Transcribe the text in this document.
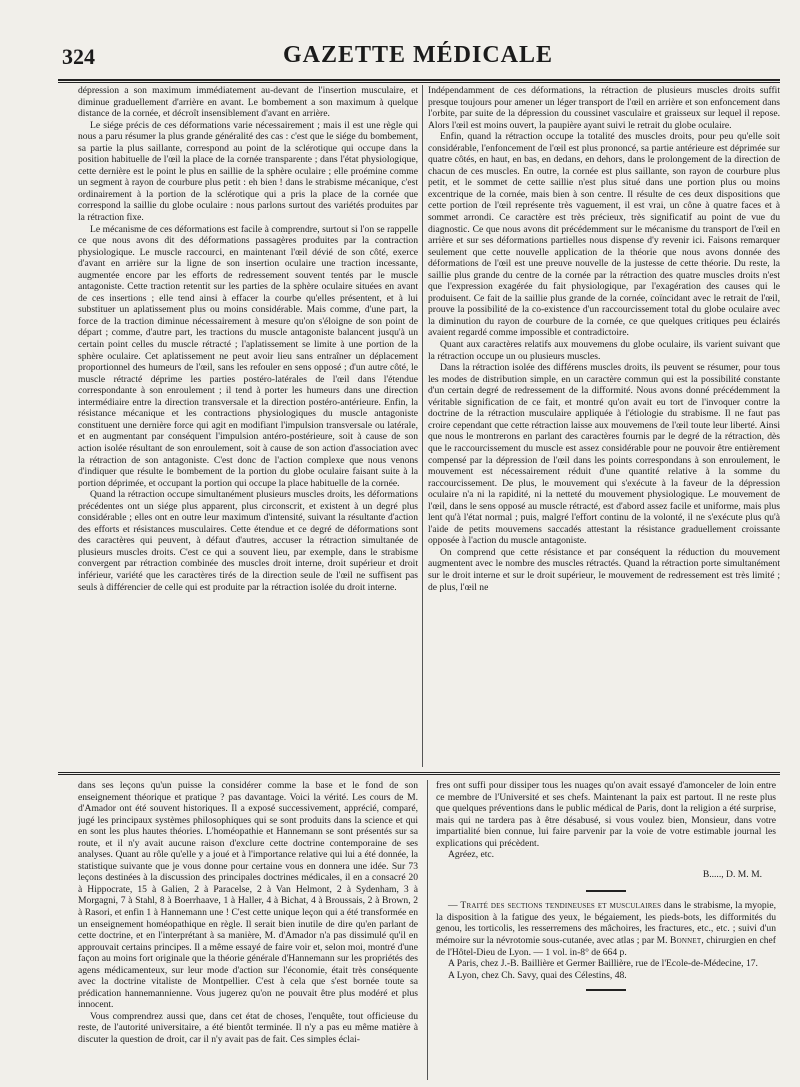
324	GAZETTE MÉDICALE

dépression a son maximum immédiatement au-devant de l'insertion musculaire, et diminue graduellement d'arrière en avant. Le bombement a son maximum à quelque distance de la cornée, et décroît insensiblement d'avant en arrière.

Le siége précis de ces déformations varie nécessairement ; mais il est une règle qui nous a paru résumer la plus grande généralité des cas : c'est que le siége du bombement, sa partie la plus saillante, correspond au point de la sclérotique qui occupe dans la position habituelle de l'œil la place de la cornée transparente ; dans l'état physiologique, cette dernière est le point le plus en saillie de la sphère oculaire ; elle proémine comme un segment à rayon de courbure plus petit : eh bien ! dans le strabisme mécanique, c'est ordinairement à la portion de la sclérotique qui a pris la place de la cornée que correspond la saillie du globe oculaire : nous parlons surtout des variétés produites par la rétraction fixe.

Le mécanisme de ces déformations est facile à comprendre, surtout si l'on se rappelle ce que nous avons dit des déformations passagères produites par la contraction physiologique. Le muscle raccourci, en maintenant l'œil dévié de son côté, exerce d'avant en arrière sur la ligne de son insertion oculaire une traction incessante, augmentée encore par les efforts de redressement souvent tentés par le muscle antagoniste. Cette traction retentit sur les parties de la sphère oculaire situées en avant de ces insertions ; elle tend ainsi à effacer la courbe qu'elles présentent, et à lui substituer un aplatissement plus ou moins considérable. Mais comme, d'une part, la force de la traction diminue nécessairement à mesure qu'on s'éloigne de son point de départ ; comme, d'autre part, les tractions du muscle antagoniste balancent jusqu'à un certain point celles du muscle rétracté ; l'aplatissement se limite à une portion de la sphère oculaire. Cet aplatissement ne peut avoir lieu sans entraîner un déplacement proportionnel des humeurs de l'œil, sans les refouler en sens opposé ; d'un autre côté, le muscle rétracté déprime les parties postéro-latérales de l'œil dans l'étendue correspondante à son enroulement ; il tend à porter les humeurs dans une direction intermédiaire entre la direction transversale et la direction postéro-antérieure. Enfin, la résistance mécanique et les contractions physiologiques du muscle antagoniste constituent une dernière force qui agit en modifiant l'impulsion transversale ou latérale, et en augmentant par conséquent l'impulsion antéro-postérieure, soit à cause de son action isolée résultant de son enroulement, soit à cause de son action d'association avec la rétraction de son antagoniste. C'est donc de l'action complexe que nous venons d'indiquer que résulte le bombement de la portion du globe oculaire faisant suite à la portion déprimée, et occupant la portion qui occupe la place habituelle de la cornée.

Quand la rétraction occupe simultanément plusieurs muscles droits, les déformations précédentes ont un siége plus apparent, plus circonscrit, et existent à un degré plus considérable ; elles ont en outre leur maximum d'intensité, suivant la résultante d'action des efforts et résistances musculaires. Cette étendue et ce degré de déformations sont des caractères qui peuvent, à défaut d'autres, accuser la rétraction simultanée de plusieurs muscles droits. C'est ce qui a souvent lieu, par exemple, dans le strabisme convergent par rétraction combinée des muscles droit interne, droit supérieur et droit inférieur, variété que les caractères tirés de la direction seule de l'œil ne suffisent pas seuls à différencier de celle qui est produite par la rétraction isolée du droit interne.

Indépendamment de ces déformations, la rétraction de plusieurs muscles droits suffit presque toujours pour amener un léger transport de l'œil en arrière et son enfoncement dans l'orbite, par suite de la dépression du coussinet vasculaire et graisseux sur lequel il repose. Alors l'œil est moins ouvert, la paupière ayant suivi le retrait du globe oculaire.

Enfin, quand la rétraction occupe la totalité des muscles droits, pour peu qu'elle soit considérable, l'enfoncement de l'œil est plus prononcé, sa partie antérieure est déprimée sur quatre côtés, en haut, en bas, en dedans, en dehors, dans le prolongement de la direction de chacun de ces muscles. En outre, la cornée est plus saillante, son rayon de courbure plus petit, et le sommet de cette saillie n'est plus situé dans une portion plus ou moins excentrique de la cornée, mais bien à son centre. Il résulte de ces deux dispositions que cette portion de l'œil représente très vaguement, il est vrai, un cône à quatre faces et à sommet arrondi. Ce caractère est très précieux, très significatif au point de vue du diagnostic. Ce que nous avons dit précédemment sur le mécanisme du transport de l'œil en arrière et sur ses déformations partielles nous dispense d'y revenir ici. Faisons remarquer seulement que cette nouvelle application de la théorie que nous avons donnée des déformations de l'œil est une preuve nouvelle de la justesse de cette théorie. Du reste, la saillie plus grande du centre de la cornée par la rétraction des quatre muscles droits n'est que l'expression exagérée du fait physiologique, par l'exagération des causes qui le produisent. Ce fait de la saillie plus grande de la cornée, coïncidant avec le retrait de l'œil, prouve la possibilité de la co-existence d'un raccourcissement total du globe oculaire avec la diminution du rayon de courbure de la cornée, ce que quelques critiques peu éclairés avaient regardé comme impossible et contradictoire.

Quant aux caractères relatifs aux mouvemens du globe oculaire, ils varient suivant que la rétraction occupe un ou plusieurs muscles.

Dans la rétraction isolée des différens muscles droits, ils peuvent se résumer, pour tous les modes de distribution simple, en un caractère commun qui est la possibilité constante d'un certain degré de redressement de la difformité. Nous avons donné précédemment la véritable signification de ce fait, et montré qu'on avait eu tort de l'invoquer contre la doctrine de la rétraction musculaire appliquée à l'étiologie du strabisme. Il ne faut pas croire cependant que cette rétraction laisse aux mouvemens de l'œil toute leur liberté. Ainsi que nous le montrerons en parlant des caractères fournis par le degré de la rétraction, dès que le raccourcissement du muscle est assez considérable pour ne pouvoir être entièrement compensé par la dépression de l'œil dans les points correspondans à son enroulement, le mouvement est nécessairement réduit d'une quantité relative à la somme du raccourcissement. De plus, le mouvement qui s'exécute à la faveur de la dépression oculaire n'a ni la rapidité, ni la netteté du mouvement physiologique. Le mouvement de l'œil, dans le sens opposé au muscle rétracté, est d'abord assez facile et uniforme, mais plus lent qu'à l'état normal ; puis, malgré l'effort continu de la volonté, il ne s'exécute plus qu'à l'aide de petits mouvemens saccadés attestant la résistance graduellement croissante opposée à l'action du muscle antagoniste.

On comprend que cette résistance et par conséquent la réduction du mouvement augmentent avec le nombre des muscles rétractés. Quand la rétraction porte simultanément sur le droit interne et sur le droit supérieur, le mouvement de redressement est très limité ; de plus, l'œil ne

dans ses leçons qu'un puisse la considérer comme la base et le fond de son enseignement théorique et pratique ? pas davantage. Voici la vérité. Les cours de M. d'Amador ont été souvent historiques. Il a exposé successivement, apprécié, comparé, jugé les principaux systèmes philosophiques qui se sont produits dans la science et qui en sont les plus hautes théories. L'homéopathie et Hannemann se sont présentés sur sa route, et il n'y avait aucune raison d'exclure cette doctrine contemporaine de ses analyses. Quant au rôle qu'elle y a joué et à l'importance relative qui lui a été donnée, la statistique suivante que je vous donne pour certaine vous en donnera une idée. Sur 73 leçons destinées à la discussion des principales doctrines médicales, il en a consacré 20 à Hippocrate, 15 à Galien, 2 à Paracelse, 2 à Van Helmont, 2 à Sydenham, 3 à Morgagni, 7 à Stahl, 8 à Boerrhaave, 1 à Haller, 4 à Bichat, 4 à Broussais, 2 à Brown, 2 à Rasori, et enfin 1 à Hannemann une ! C'est cette unique leçon qui a été transformée en un enseignement homéopathique en règle. Il serait bien inutile de dire qu'en parlant de cette doctrine, et en l'interprétant à sa manière, M. d'Amador n'a pas dissimulé qu'il en approuvait certains principes. Il a même essayé de faire voir et, selon moi, montré d'une façon au moins fort originale que la théorie générale d'Hannemann sur les propriétés des agens médicamenteux, sur leur mode d'action sur l'économie, était très conséquente avec la doctrine vitaliste de Montpellier. C'est à cela que s'est bornée toute sa prédication hannemannienne. Vous jugerez qu'on ne pouvait être plus modéré et plus innocent.

Vous comprendrez aussi que, dans cet état de choses, l'enquête, tout officieuse du reste, de l'autorité universitaire, a été bientôt terminée. Il n'y a pas eu même matière à discuter la question de droit, car il n'y avait pas de fait. Ces simples éclai-

fres ont suffi pour dissiper tous les nuages qu'on avait essayé d'amonceler de loin entre ce membre de l'Université et ses chefs. Maintenant la paix est partout. Il ne reste plus que quelques préventions dans le public médical de Paris, dont la religion a été surprise, mais qui ne tardera pas à être désabusé, si vous voulez bien, Monsieur, dans votre impartialité bien connue, lui faire parvenir par la voie de votre estimable journal les explications qui précèdent.

Agréez, etc.

B....., D. M. M.

— Traité des sections tendineuses et musculaires dans le strabisme, la myopie, la disposition à la fatigue des yeux, le bégaiement, les pieds-bots, les difformités du genou, les torticolis, les resserremens des mâchoires, les fractures, etc., etc. ; suivi d'un mémoire sur la névrotomie sous-cutanée, avec atlas ; par M. Bonnet, chirurgien en chef de l'Hôtel-Dieu de Lyon. — 1 vol. in-8° de 664 p.

A Paris, chez J.-B. Baillière et Germer Baillière, rue de l'Ecole-de-Médecine, 17.

A Lyon, chez Ch. Savy, quai des Célestins, 48.
